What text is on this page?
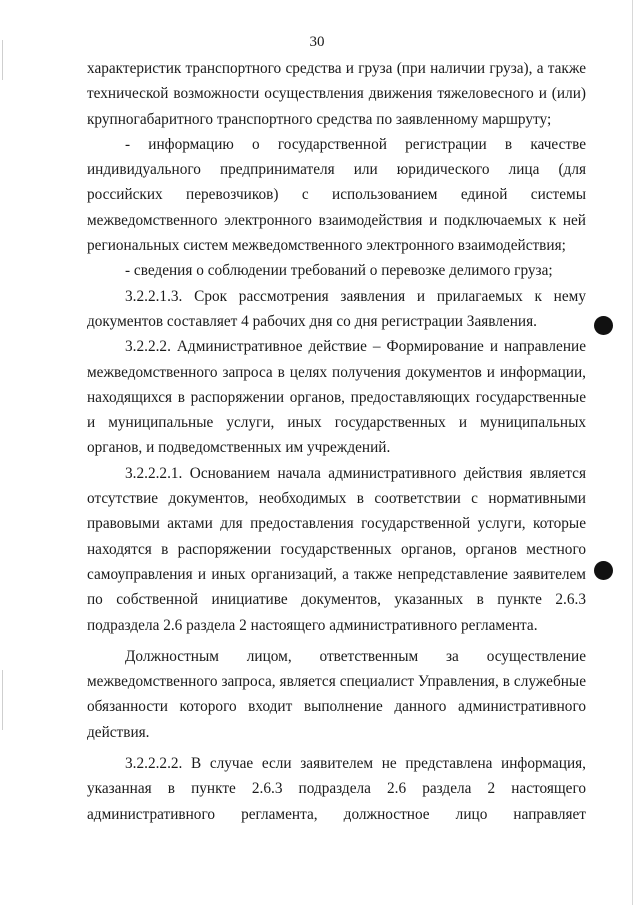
30

характеристик транспортного средства и груза (при наличии груза), а также технической возможности осуществления движения тяжеловесного и (или) крупногабаритного транспортного средства по заявленному маршруту;

- информацию о государственной регистрации в качестве индивидуального предпринимателя или юридического лица (для российских перевозчиков) с использованием единой системы межведомственного электронного взаимодействия и подключаемых к ней региональных систем межведомственного электронного взаимодействия;

- сведения о соблюдении требований о перевозке делимого груза;

3.2.2.1.3. Срок рассмотрения заявления и прилагаемых к нему документов составляет 4 рабочих дня со дня регистрации Заявления.

3.2.2.2. Административное действие – Формирование и направление межведомственного запроса в целях получения документов и информации, находящихся в распоряжении органов, предоставляющих государственные и муниципальные услуги, иных государственных и муниципальных органов, и подведомственных им учреждений.

3.2.2.2.1. Основанием начала административного действия является отсутствие документов, необходимых в соответствии с нормативными правовыми актами для предоставления государственной услуги, которые находятся в распоряжении государственных органов, органов местного самоуправления и иных организаций, а также непредставление заявителем по собственной инициативе документов, указанных в пункте 2.6.3 подраздела 2.6 раздела 2 настоящего административного регламента.

Должностным лицом, ответственным за осуществление межведомственного запроса, является специалист Управления, в служебные обязанности которого входит выполнение данного административного действия.

3.2.2.2.2. В случае если заявителем не представлена информация, указанная в пункте 2.6.3 подраздела 2.6 раздела 2 настоящего административного регламента, должностное лицо направляет
